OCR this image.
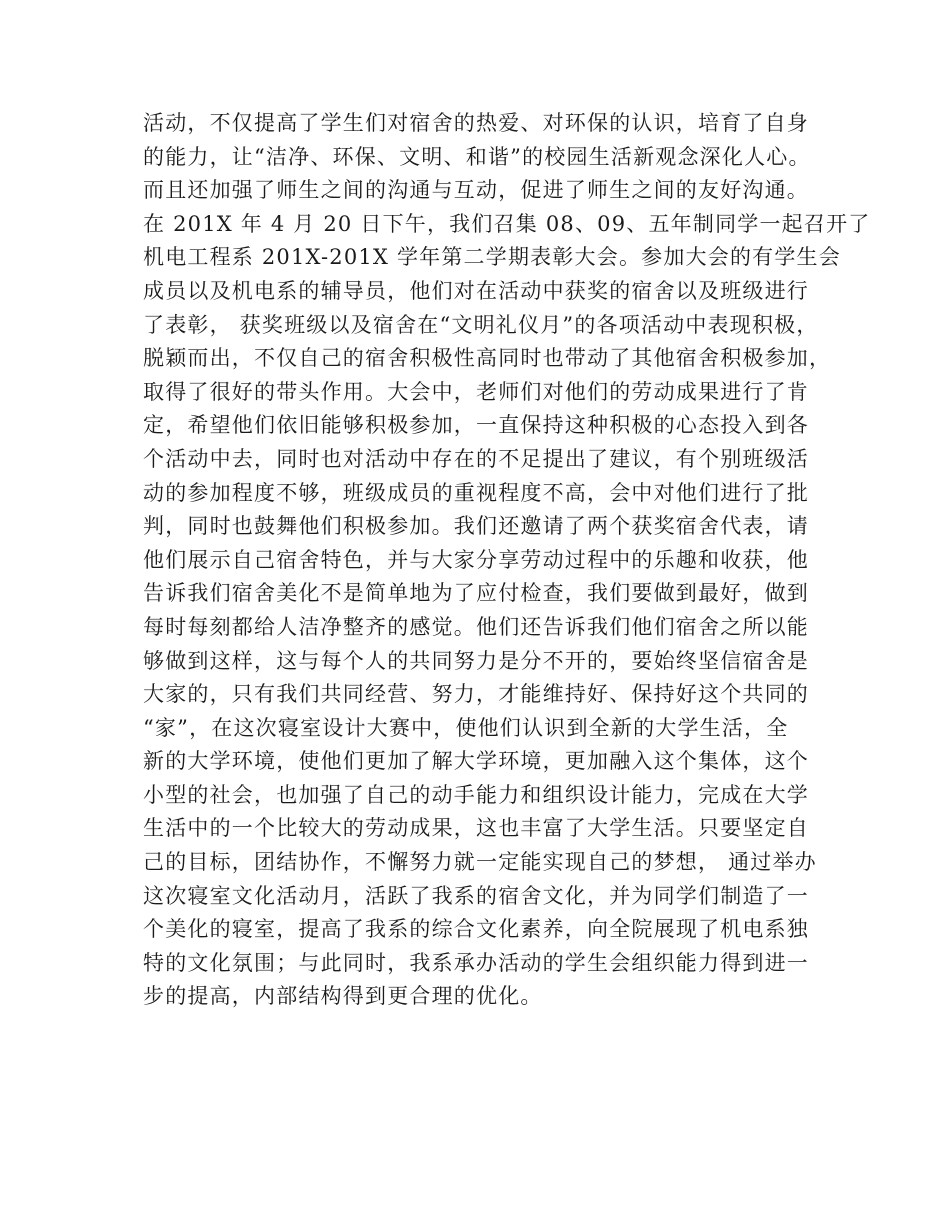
活动，不仅提高了学生们对宿舍的热爱、对环保的认识，培育了自身
的能力，让“洁净、环保、文明、和谐”的校园生活新观念深化人心。
而且还加强了师生之间的沟通与互动，促进了师生之间的友好沟通。
在 201X 年 4 月 20 日下午，我们召集 08、09、五年制同学一起召开了
机电工程系 201X-201X 学年第二学期表彰大会。参加大会的有学生会
成员以及机电系的辅导员，他们对在活动中获奖的宿舍以及班级进行
了表彰， 获奖班级以及宿舍在“文明礼仪月”的各项活动中表现积极，
脱颖而出，不仅自己的宿舍积极性高同时也带动了其他宿舍积极参加，
取得了很好的带头作用。大会中，老师们对他们的劳动成果进行了肯
定，希望他们依旧能够积极参加，一直保持这种积极的心态投入到各
个活动中去，同时也对活动中存在的不足提出了建议，有个别班级活
动的参加程度不够，班级成员的重视程度不高，会中对他们进行了批
判，同时也鼓舞他们积极参加。我们还邀请了两个获奖宿舍代表，请
他们展示自己宿舍特色，并与大家分享劳动过程中的乐趣和收获，他
告诉我们宿舍美化不是简单地为了应付检查，我们要做到最好，做到
每时每刻都给人洁净整齐的感觉。他们还告诉我们他们宿舍之所以能
够做到这样，这与每个人的共同努力是分不开的，要始终坚信宿舍是
大家的，只有我们共同经营、努力，才能维持好、保持好这个共同的
“家”，在这次寝室设计大赛中，使他们认识到全新的大学生活，全
新的大学环境，使他们更加了解大学环境，更加融入这个集体，这个
小型的社会，也加强了自己的动手能力和组织设计能力，完成在大学
生活中的一个比较大的劳动成果，这也丰富了大学生活。只要坚定自
己的目标，团结协作，不懈努力就一定能实现自己的梦想， 通过举办
这次寝室文化活动月，活跃了我系的宿舍文化，并为同学们制造了一
个美化的寝室，提高了我系的综合文化素养，向全院展现了机电系独
特的文化氛围；与此同时，我系承办活动的学生会组织能力得到进一
步的提高，内部结构得到更合理的优化。
